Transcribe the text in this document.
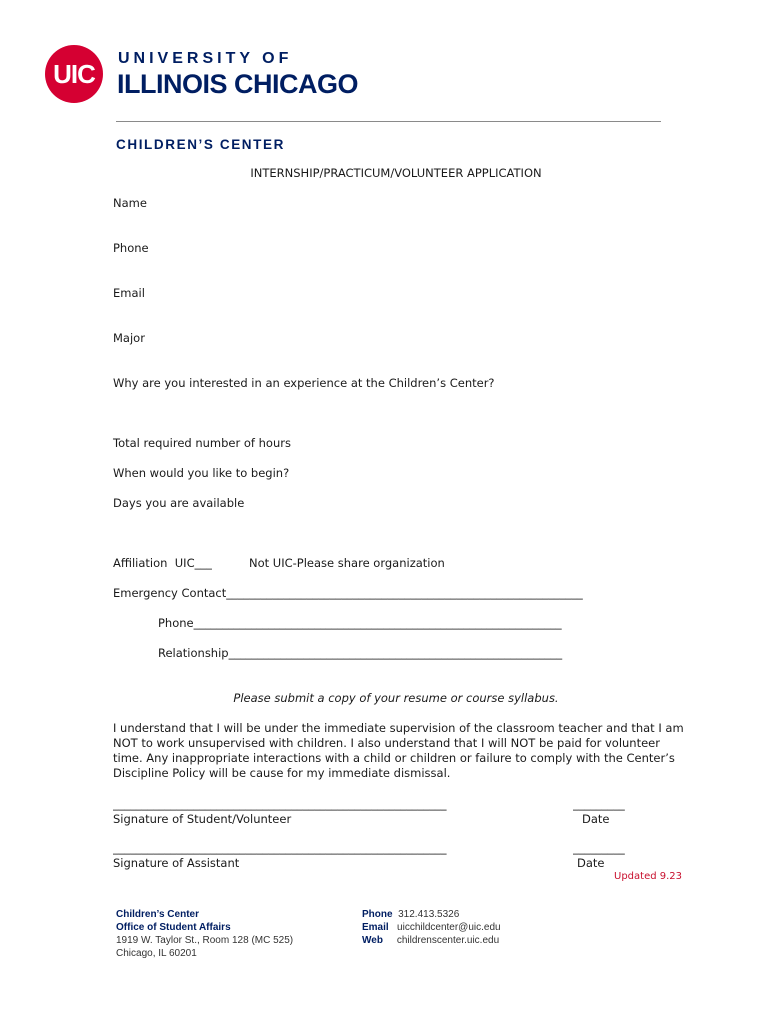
UIC
UNIVERSITY OF
ILLINOIS CHICAGO
CHILDREN’S CENTER
INTERNSHIP/PRACTICUM/VOLUNTEER APPLICATION
Name
Phone
Email
Major
Why are you interested in an experience at the Children’s Center?
Total required number of hours
When would you like to begin?
Days you are available
Affiliation  UIC___	Not UIC-Please share organization
Emergency Contact______________________________________________________________
Phone________________________________________________________________
Relationship__________________________________________________________
Please submit a copy of your resume or course syllabus.
I understand that I will be under the immediate supervision of the classroom teacher and that I am NOT to work unsupervised with children. I also understand that I will NOT be paid for volunteer time. Any inappropriate interactions with a child or children or failure to comply with the Center’s Discipline Policy will be cause for my immediate dismissal.
__________________________________________________________	_________
Signature of Student/Volunteer	Date
__________________________________________________________	_________
Signature of Assistant	Date
Updated 9.23
Children’s Center
Office of Student Affairs
1919 W. Taylor St., Room 128 (MC 525)
Chicago, IL 60201
Phone 312.413.5326
Email uicchildcenter@uic.edu
Web childrenscenter.uic.edu
